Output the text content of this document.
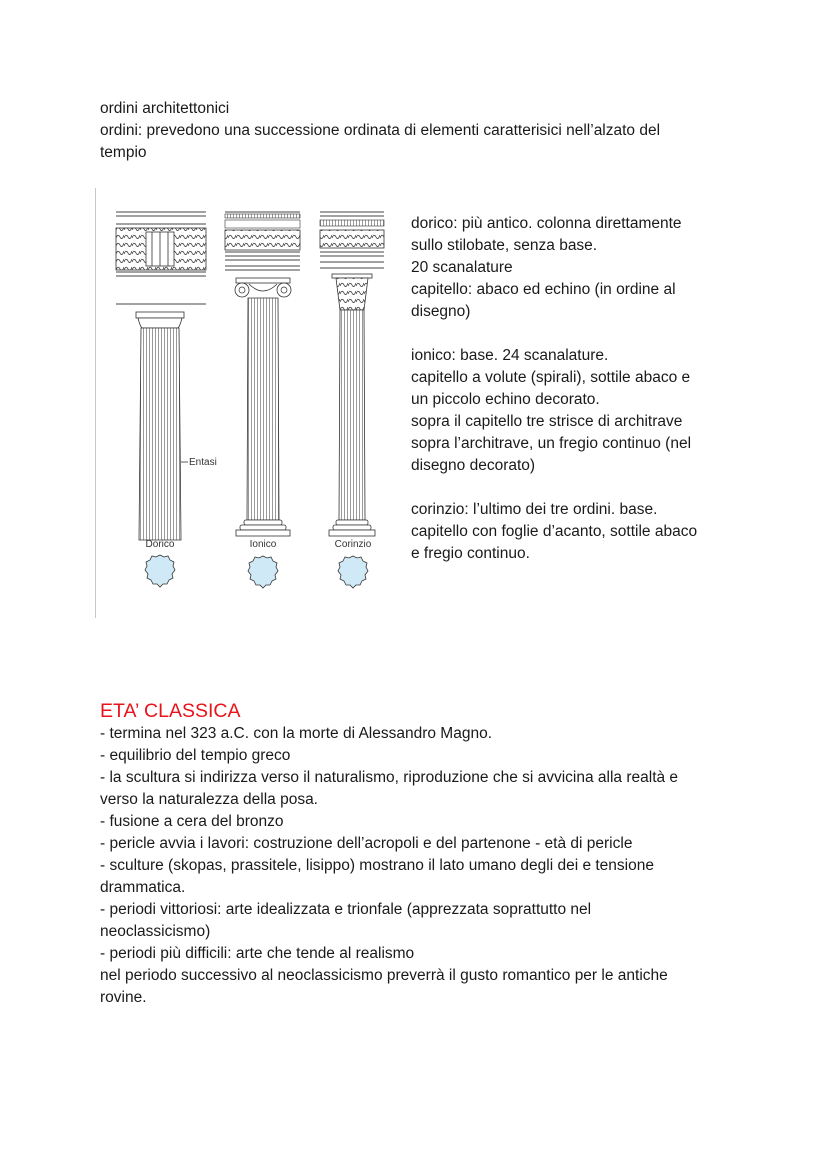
ordini architettonici
ordini: prevedono una successione ordinata di elementi caratterisici nell’alzato del
tempio
Entasi
Dorico	Ionico	Corinzio
dorico: più antico. colonna direttamente
sullo stilobate, senza base.
20 scanalature
capitello: abaco ed echino (in ordine al
disegno)
ionico: base. 24 scanalature.
capitello a volute (spirali), sottile abaco e
un piccolo echino decorato.
sopra il capitello tre strisce di architrave
sopra l’architrave, un fregio continuo (nel
disegno decorato)
corinzio: l’ultimo dei tre ordini. base.
capitello con foglie d’acanto, sottile abaco
e fregio continuo.
ETA’ CLASSICA
- termina nel 323 a.C. con la morte di Alessandro Magno.
- equilibrio del tempio greco
- la scultura si indirizza verso il naturalismo, riproduzione che si avvicina alla realtà e
verso la naturalezza della posa.
- fusione a cera del bronzo
- pericle avvia i lavori: costruzione dell’acropoli e del partenone - età di pericle
- sculture (skopas, prassitele, lisippo) mostrano il lato umano degli dei e tensione
drammatica.
- periodi vittoriosi: arte idealizzata e trionfale (apprezzata soprattutto nel
neoclassicismo)
- periodi più difficili: arte che tende al realismo
nel periodo successivo al neoclassicismo preverrà il gusto romantico per le antiche
rovine.
